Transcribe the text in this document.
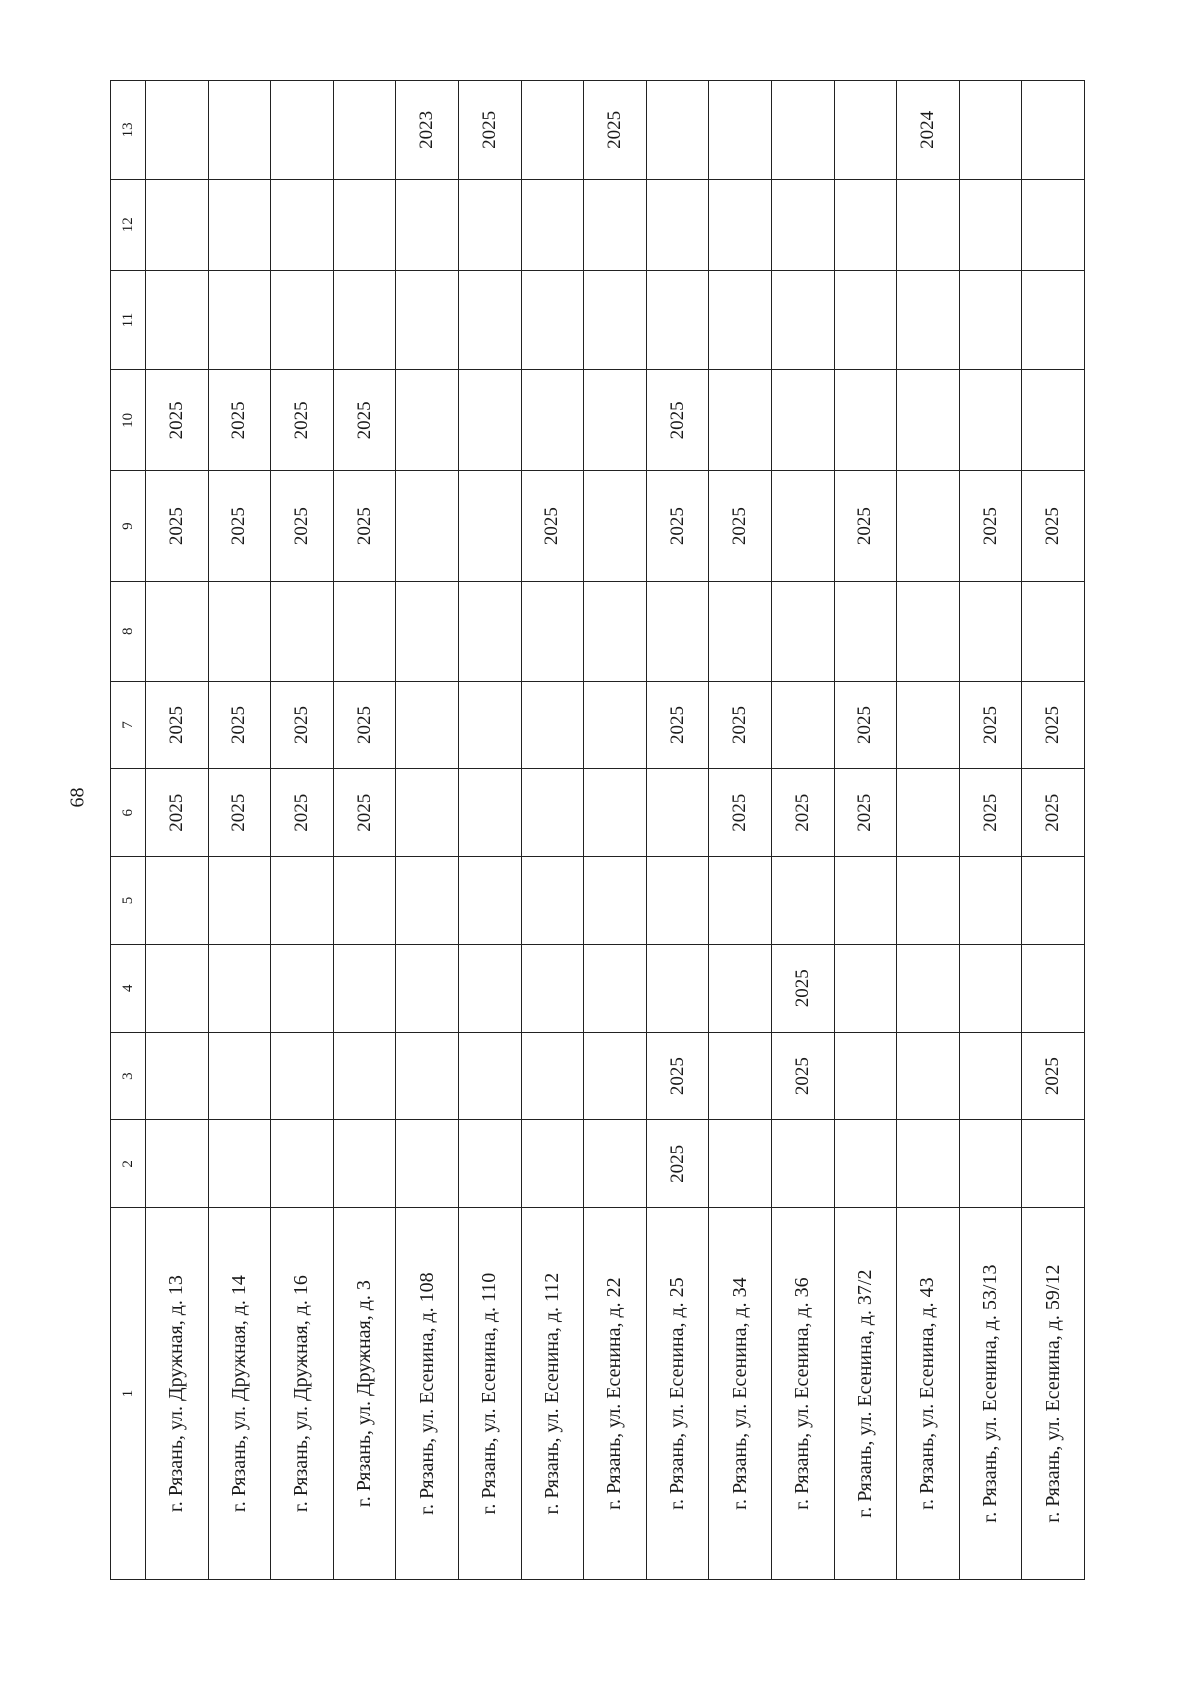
68
1	2	3	4	5	6	7	8	9	10	11	12	13
г. Рязань, ул. Дружная, д. 13					2025	2025		2025	2025			
г. Рязань, ул. Дружная, д. 14					2025	2025		2025	2025			
г. Рязань, ул. Дружная, д. 16					2025	2025		2025	2025			
г. Рязань, ул. Дружная, д. 3					2025	2025		2025	2025			
г. Рязань, ул. Есенина, д. 108												2023
г. Рязань, ул. Есенина, д. 110												2025
г. Рязань, ул. Есенина, д. 112								2025				
г. Рязань, ул. Есенина, д. 22												2025
г. Рязань, ул. Есенина, д. 25	2025	2025				2025		2025	2025			
г. Рязань, ул. Есенина, д. 34					2025	2025		2025				
г. Рязань, ул. Есенина, д. 36		2025	2025		2025							
г. Рязань, ул. Есенина, д. 37/2					2025	2025		2025				
г. Рязань, ул. Есенина, д. 43												2024
г. Рязань, ул. Есенина, д. 53/13					2025	2025		2025				
г. Рязань, ул. Есенина, д. 59/12		2025			2025	2025		2025				
